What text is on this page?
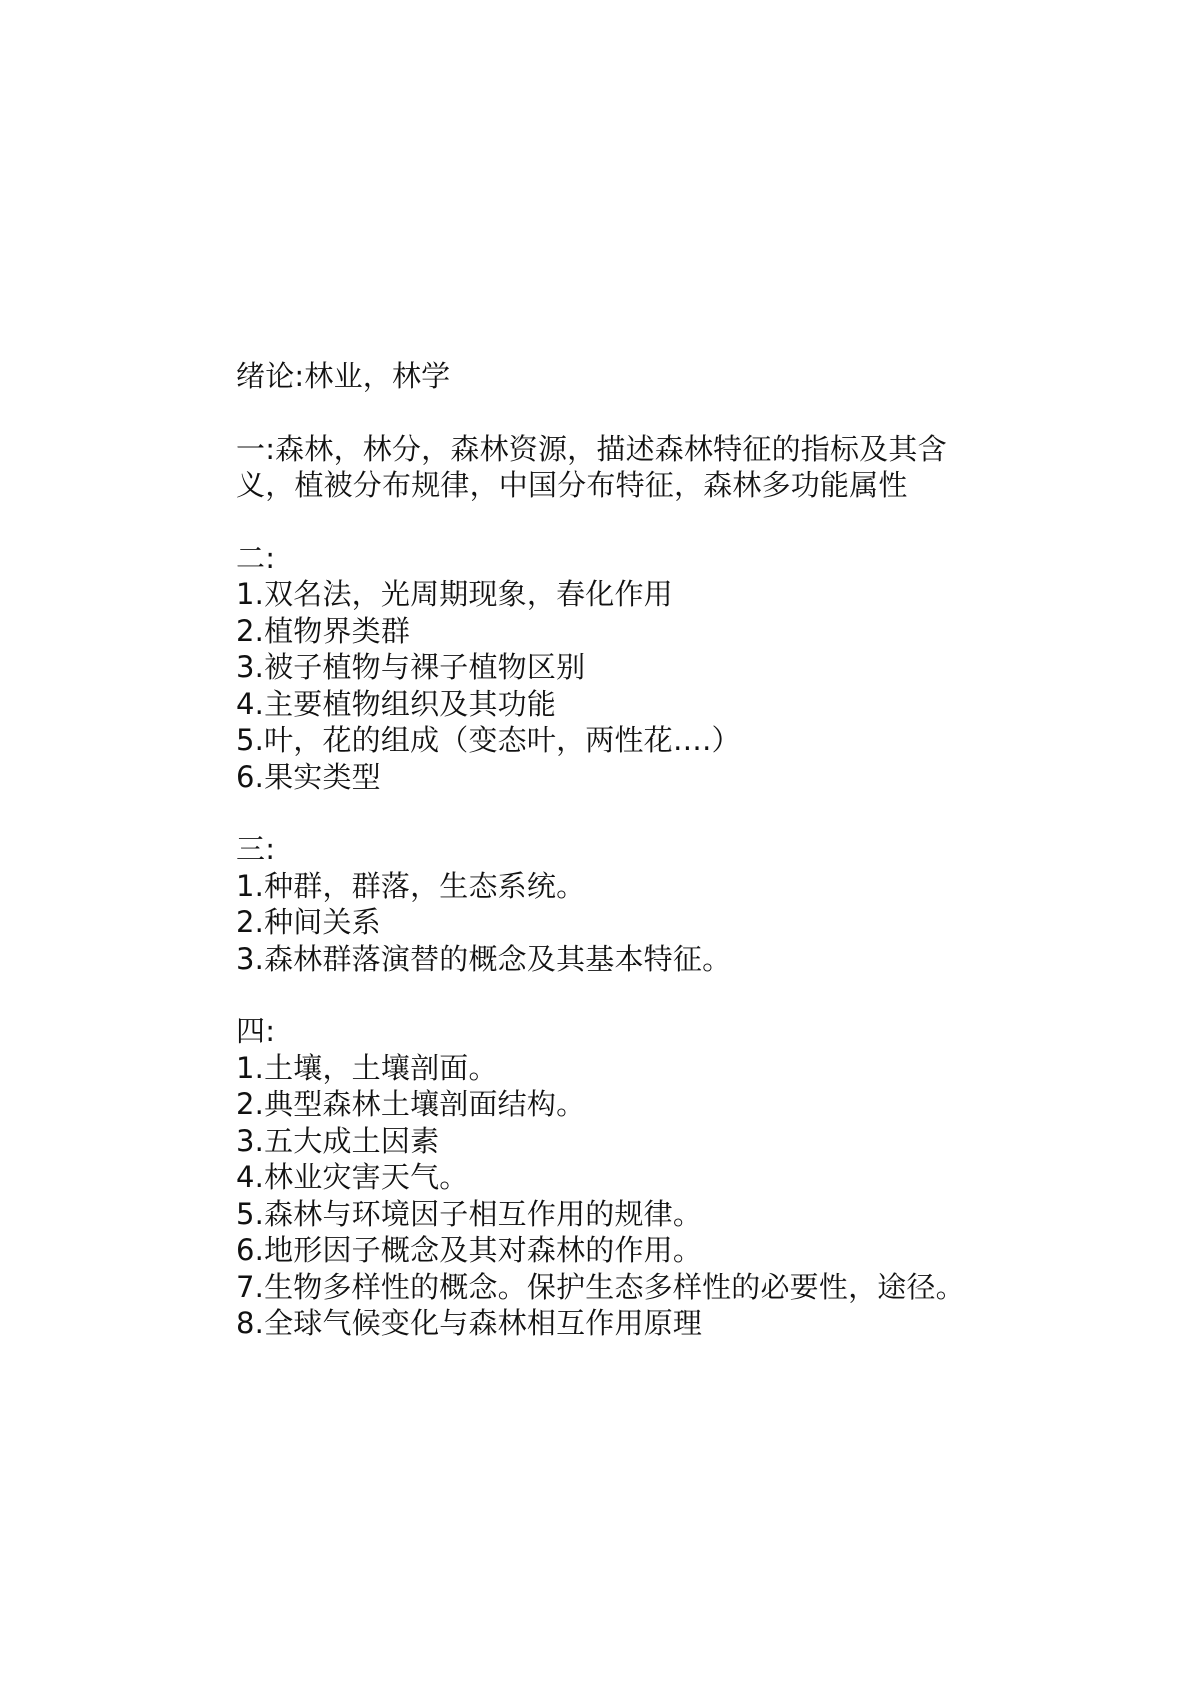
绪论:林业，林学
一:森林，林分，森林资源，描述森林特征的指标及其含义，植被分布规律，中国分布特征，森林多功能属性
二:
1.双名法，光周期现象，春化作用
2.植物界类群
3.被子植物与裸子植物区别
4.主要植物组织及其功能
5.叶，花的组成（变态叶，两性花….）
6.果实类型
三:
1.种群，群落，生态系统。
2.种间关系
3.森林群落演替的概念及其基本特征。
四:
1.土壤，土壤剖面。
2.典型森林土壤剖面结构。
3.五大成土因素
4.林业灾害天气。
5.森林与环境因子相互作用的规律。
6.地形因子概念及其对森林的作用。
7.生物多样性的概念。保护生态多样性的必要性，途径。
8.全球气候变化与森林相互作用原理
